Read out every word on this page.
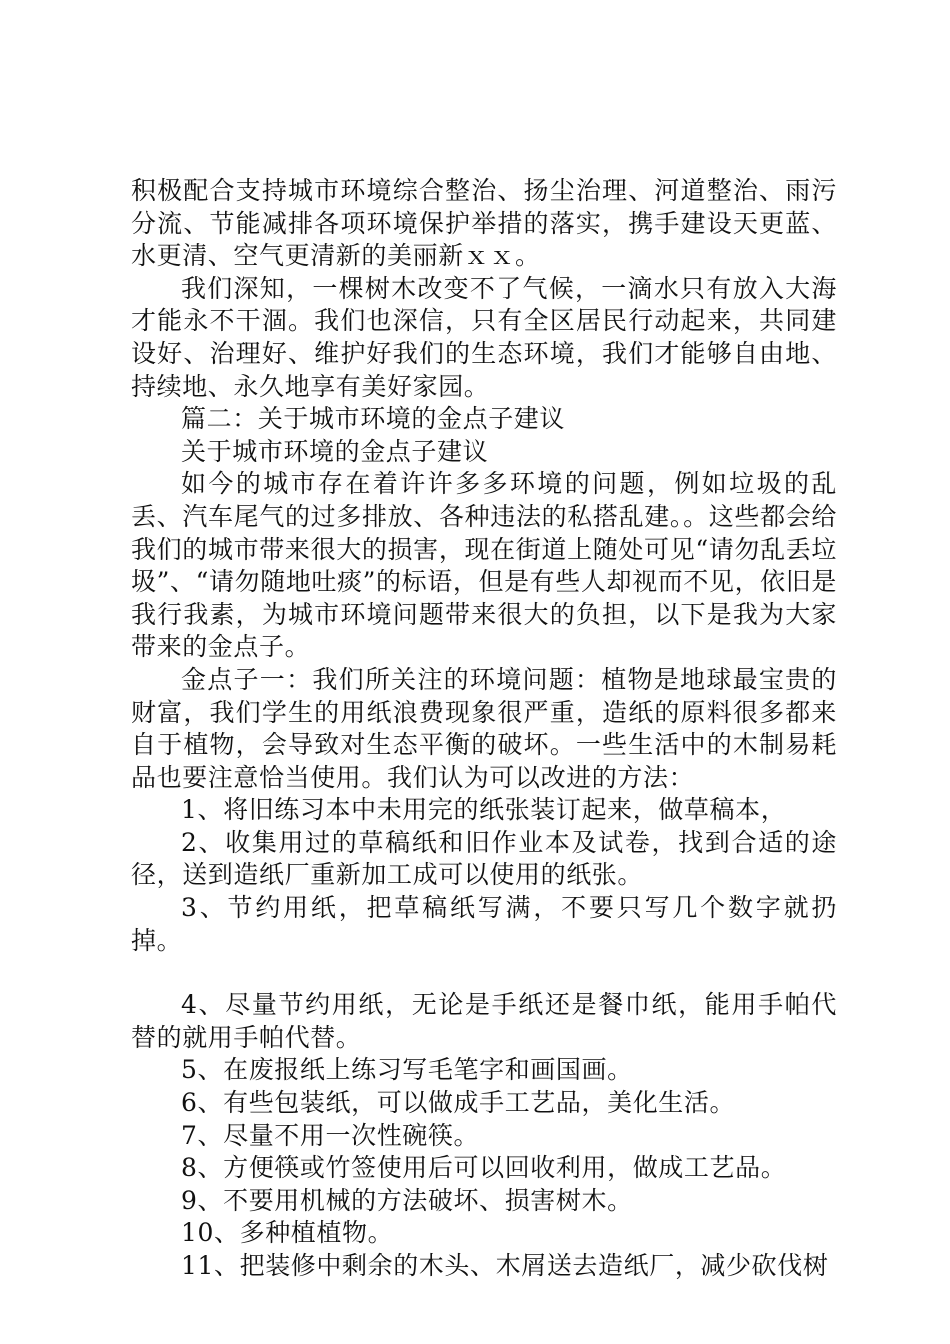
积极配合支持城市环境综合整治、扬尘治理、河道整治、雨污分流、节能减排各项环境保护举措的落实，携手建设天更蓝、水更清、空气更清新的美丽新ｘｘ。

我们深知，一棵树木改变不了气候，一滴水只有放入大海才能永不干涸。我们也深信，只有全区居民行动起来，共同建设好、治理好、维护好我们的生态环境，我们才能够自由地、持续地、永久地享有美好家园。

篇二：关于城市环境的金点子建议

关于城市环境的金点子建议

如今的城市存在着许许多多环境的问题，例如垃圾的乱丢、汽车尾气的过多排放、各种违法的私搭乱建。。这些都会给我们的城市带来很大的损害，现在街道上随处可见“请勿乱丢垃圾”、“请勿随地吐痰”的标语，但是有些人却视而不见，依旧是我行我素，为城市环境问题带来很大的负担，以下是我为大家带来的金点子。

金点子一：我们所关注的环境问题：植物是地球最宝贵的财富，我们学生的用纸浪费现象很严重，造纸的原料很多都来自于植物，会导致对生态平衡的破坏。一些生活中的木制易耗品也要注意恰当使用。我们认为可以改进的方法：

1、将旧练习本中未用完的纸张装订起来，做草稿本，

2、收集用过的草稿纸和旧作业本及试卷，找到合适的途径，送到造纸厂重新加工成可以使用的纸张。

3、节约用纸，把草稿纸写满，不要只写几个数字就扔掉。

4、尽量节约用纸，无论是手纸还是餐巾纸，能用手帕代替的就用手帕代替。

5、在废报纸上练习写毛笔字和画国画。

6、有些包装纸，可以做成手工艺品，美化生活。

7、尽量不用一次性碗筷。

8、方便筷或竹签使用后可以回收利用，做成工艺品。

9、不要用机械的方法破坏、损害树木。

10、多种植植物。

11、把装修中剩余的木头、木屑送去造纸厂，减少砍伐树
